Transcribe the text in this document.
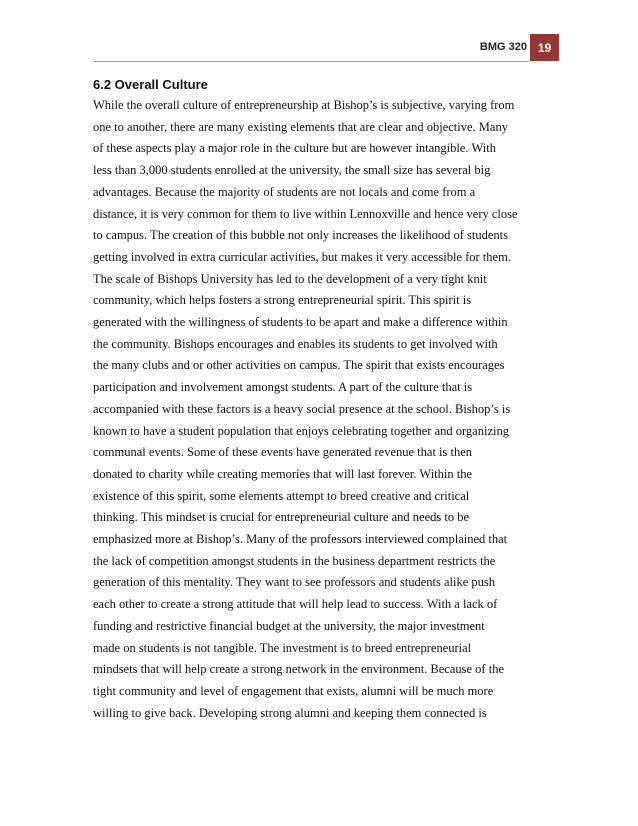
BMG 320 19
6.2 Overall Culture
While the overall culture of entrepreneurship at Bishop’s is subjective, varying from
one to another, there are many existing elements that are clear and objective. Many
of these aspects play a major role in the culture but are however intangible. With
less than 3,000 students enrolled at the university, the small size has several big
advantages. Because the majority of students are not locals and come from a
distance, it is very common for them to live within Lennoxville and hence very close
to campus. The creation of this bubble not only increases the likelihood of students
getting involved in extra curricular activities, but makes it very accessible for them.
The scale of Bishops University has led to the development of a very tight knit
community, which helps fosters a strong entrepreneurial spirit. This spirit is
generated with the willingness of students to be apart and make a difference within
the community. Bishops encourages and enables its students to get involved with
the many clubs and or other activities on campus. The spirit that exists encourages
participation and involvement amongst students. A part of the culture that is
accompanied with these factors is a heavy social presence at the school. Bishop’s is
known to have a student population that enjoys celebrating together and organizing
communal events. Some of these events have generated revenue that is then
donated to charity while creating memories that will last forever. Within the
existence of this spirit, some elements attempt to breed creative and critical
thinking. This mindset is crucial for entrepreneurial culture and needs to be
emphasized more at Bishop’s. Many of the professors interviewed complained that
the lack of competition amongst students in the business department restricts the
generation of this mentality. They want to see professors and students alike push
each other to create a strong attitude that will help lead to success. With a lack of
funding and restrictive financial budget at the university, the major investment
made on students is not tangible. The investment is to breed entrepreneurial
mindsets that will help create a strong network in the environment. Because of the
tight community and level of engagement that exists, alumni will be much more
willing to give back. Developing strong alumni and keeping them connected is
